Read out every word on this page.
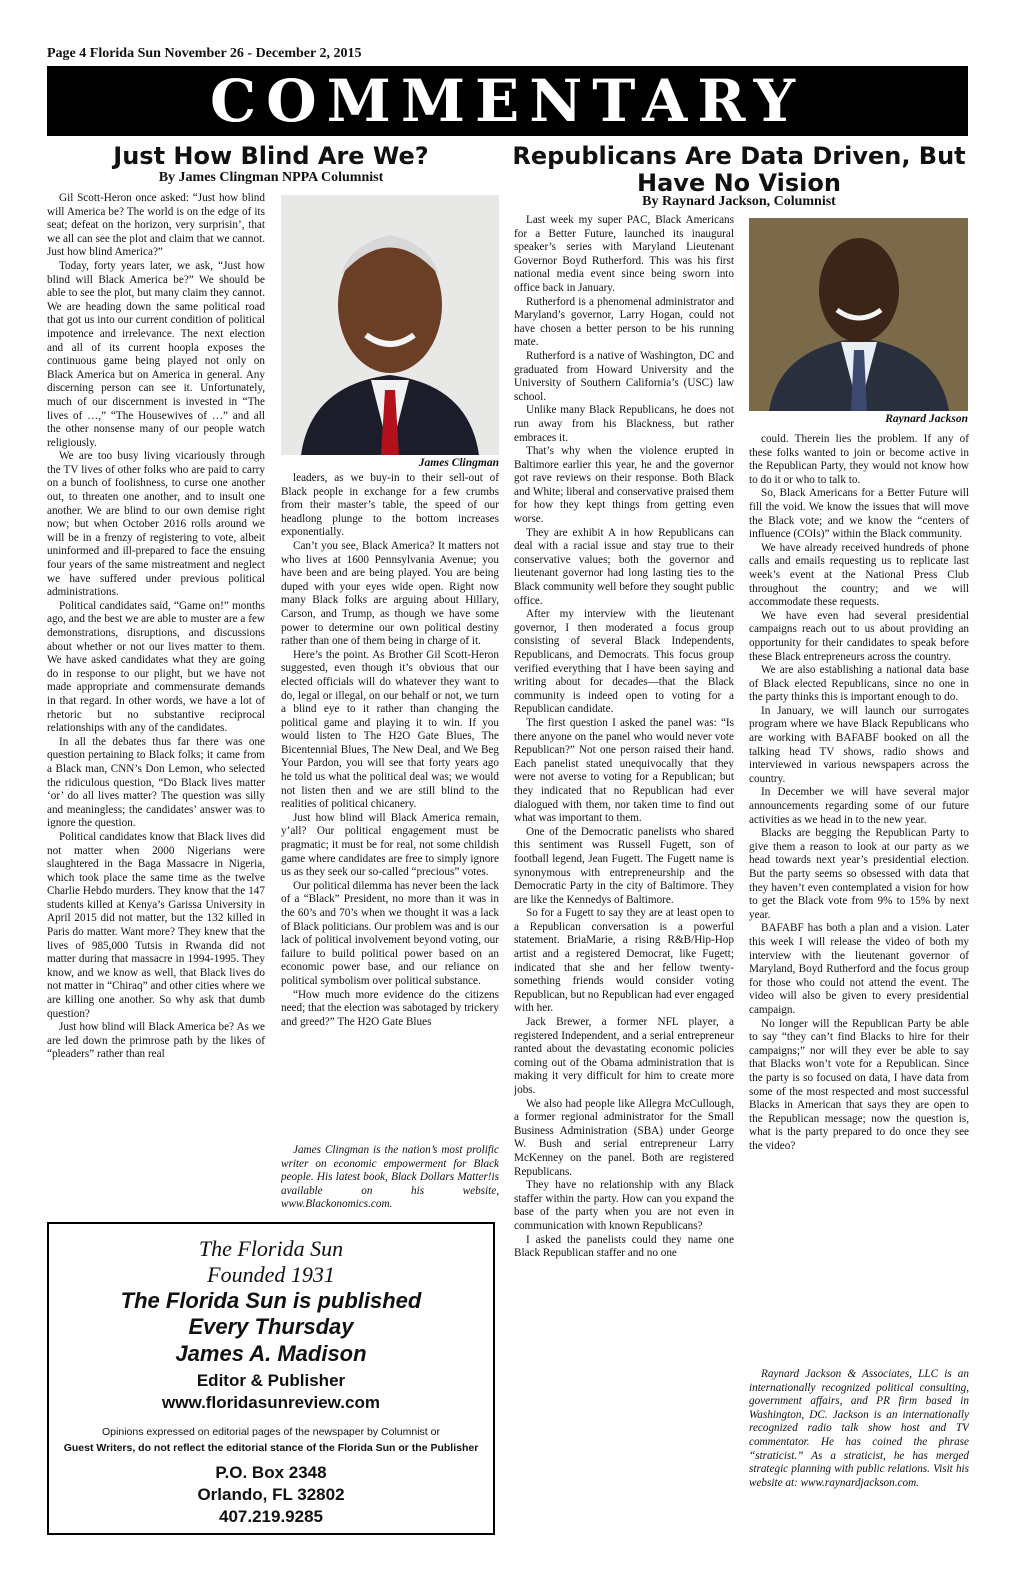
Page 4 Florida Sun November 26 - December 2, 2015
COMMENTARY
Just How Blind Are We?
By James Clingman NPPA Columnist

Gil Scott-Heron once asked: “Just how blind will America be? The world is on the edge of its seat; defeat on the horizon, very surprisin’, that we all can see the plot and claim that we cannot. Just how blind America?”

Today, forty years later, we ask, “Just how blind will Black America be?” We should be able to see the plot, but many claim they cannot. We are heading down the same political road that got us into our current condition of political impotence and irrelevance. The next election and all of its current hoopla exposes the continuous game being played not only on Black America but on America in general. Any discerning person can see it. Unfortunately, much of our discernment is invested in “The lives of …,” “The Housewives of …” and all the other nonsense many of our people watch religiously.

We are too busy living vicariously through the TV lives of other folks who are paid to carry on a bunch of foolishness, to curse one another out, to threaten one another, and to insult one another. We are blind to our own demise right now; but when October 2016 rolls around we will be in a frenzy of registering to vote, albeit uninformed and ill-prepared to face the ensuing four years of the same mistreatment and neglect we have suffered under previous political administrations.

Political candidates said, “Game on!” months ago, and the best we are able to muster are a few demonstrations, disruptions, and discussions about whether or not our lives matter to them. We have asked candidates what they are going do in response to our plight, but we have not made appropriate and commensurate demands in that regard. In other words, we have a lot of rhetoric but no substantive reciprocal relationships with any of the candidates.

In all the debates thus far there was one question pertaining to Black folks; it came from a Black man, CNN’s Don Lemon, who selected the ridiculous question, “Do Black lives matter ‘or’ do all lives matter? The question was silly and meaningless; the candidates’ answer was to ignore the question.

Political candidates know that Black lives did not matter when 2000 Nigerians were slaughtered in the Baga Massacre in Nigeria, which took place the same time as the twelve Charlie Hebdo murders. They know that the 147 students killed at Kenya’s Garissa University in April 2015 did not matter, but the 132 killed in Paris do matter. Want more? They knew that the lives of 985,000 Tutsis in Rwanda did not matter during that massacre in 1994-1995. They know, and we know as well, that Black lives do not matter in “Chiraq” and other cities where we are killing one another. So why ask that dumb question?

Just how blind will Black America be? As we are led down the primrose path by the likes of “pleaders” rather than real

James Clingman

leaders, as we buy-in to their sell-out of Black people in exchange for a few crumbs from their master’s table, the speed of our headlong plunge to the bottom increases exponentially.

Can’t you see, Black America? It matters not who lives at 1600 Pennsylvania Avenue; you have been and are being played. You are being duped with your eyes wide open. Right now many Black folks are arguing about Hillary, Carson, and Trump, as though we have some power to determine our own political destiny rather than one of them being in charge of it.

Here’s the point. As Brother Gil Scott-Heron suggested, even though it’s obvious that our elected officials will do whatever they want to do, legal or illegal, on our behalf or not, we turn a blind eye to it rather than changing the political game and playing it to win. If you would listen to The H2O Gate Blues, The Bicentennial Blues, The New Deal, and We Beg Your Pardon, you will see that forty years ago he told us what the political deal was; we would not listen then and we are still blind to the realities of political chicanery.

Just how blind will Black America remain, y’all? Our political engagement must be pragmatic; it must be for real, not some childish game where candidates are free to simply ignore us as they seek our so-called “precious” votes.

Our political dilemma has never been the lack of a “Black” President, no more than it was in the 60’s and 70’s when we thought it was a lack of Black politicians. Our problem was and is our lack of political involvement beyond voting, our failure to build political power based on an economic power base, and our reliance on political symbolism over political substance.

“How much more evidence do the citizens need; that the election was sabotaged by trickery and greed?” The H2O Gate Blues

James Clingman is the nation’s most prolific writer on economic empowerment for Black people. His latest book, Black Dollars Matter!is available on his website, www.Blackonomics.com.

Republicans Are Data Driven, But Have No Vision
By Raynard Jackson, Columnist

Last week my super PAC, Black Americans for a Better Future, launched its inaugural speaker’s series with Maryland Lieutenant Governor Boyd Rutherford. This was his first national media event since being sworn into office back in January.

Rutherford is a phenomenal administrator and Maryland’s governor, Larry Hogan, could not have chosen a better person to be his running mate.

Rutherford is a native of Washington, DC and graduated from Howard University and the University of Southern California’s (USC) law school.

Unlike many Black Republicans, he does not run away from his Blackness, but rather embraces it.

That’s why when the violence erupted in Baltimore earlier this year, he and the governor got rave reviews on their response. Both Black and White; liberal and conservative praised them for how they kept things from getting even worse.

They are exhibit A in how Republicans can deal with a racial issue and stay true to their conservative values; both the governor and lieutenant governor had long lasting ties to the Black community well before they sought public office.

After my interview with the lieutenant governor, I then moderated a focus group consisting of several Black Independents, Republicans, and Democrats. This focus group verified everything that I have been saying and writing about for decades—that the Black community is indeed open to voting for a Republican candidate.

The first question I asked the panel was: “Is there anyone on the panel who would never vote Republican?” Not one person raised their hand. Each panelist stated unequivocally that they were not averse to voting for a Republican; but they indicated that no Republican had ever dialogued with them, nor taken time to find out what was important to them.

One of the Democratic panelists who shared this sentiment was Russell Fugett, son of football legend, Jean Fugett. The Fugett name is synonymous with entrepreneurship and the Democratic Party in the city of Baltimore. They are like the Kennedys of Baltimore.

So for a Fugett to say they are at least open to a Republican conversation is a powerful statement. BriaMarie, a rising R&B/Hip-Hop artist and a registered Democrat, like Fugett; indicated that she and her fellow twenty-something friends would consider voting Republican, but no Republican had ever engaged with her.

Jack Brewer, a former NFL player, a registered Independent, and a serial entrepreneur ranted about the devastating economic policies coming out of the Obama administration that is making it very difficult for him to create more jobs.

We also had people like Allegra McCullough, a former regional administrator for the Small Business Administration (SBA) under George W. Bush and serial entrepreneur Larry McKenney on the panel. Both are registered Republicans.

They have no relationship with any Black staffer within the party. How can you expand the base of the party when you are not even in communication with known Republicans?

I asked the panelists could they name one Black Republican staffer and no one

Raynard Jackson

could. Therein lies the problem. If any of these folks wanted to join or become active in the Republican Party, they would not know how to do it or who to talk to.

So, Black Americans for a Better Future will fill the void. We know the issues that will move the Black vote; and we know the “centers of influence (COIs)” within the Black community.

We have already received hundreds of phone calls and emails requesting us to replicate last week’s event at the National Press Club throughout the country; and we will accommodate these requests.

We have even had several presidential campaigns reach out to us about providing an opportunity for their candidates to speak before these Black entrepreneurs across the country.

We are also establishing a national data base of Black elected Republicans, since no one in the party thinks this is important enough to do.

In January, we will launch our surrogates program where we have Black Republicans who are working with BAFABF booked on all the talking head TV shows, radio shows and interviewed in various newspapers across the country.

In December we will have several major announcements regarding some of our future activities as we head in to the new year.

Blacks are begging the Republican Party to give them a reason to look at our party as we head towards next year’s presidential election. But the party seems so obsessed with data that they haven’t even contemplated a vision for how to get the Black vote from 9% to 15% by next year.

BAFABF has both a plan and a vision. Later this week I will release the video of both my interview with the lieutenant governor of Maryland, Boyd Rutherford and the focus group for those who could not attend the event. The video will also be given to every presidential campaign.

No longer will the Republican Party be able to say “they can’t find Blacks to hire for their campaigns;” nor will they ever be able to say that Blacks won’t vote for a Republican. Since the party is so focused on data, I have data from some of the most respected and most successful Blacks in American that says they are open to the Republican message; now the question is, what is the party prepared to do once they see the video?

Raynard Jackson & Associates, LLC is an internationally recognized political consulting, government affairs, and PR firm based in Washington, DC. Jackson is an internationally recognized radio talk show host and TV commentator. He has coined the phrase “straticist.” As a straticist, he has merged strategic planning with public relations. Visit his website at: www.raynardjackson.com.

The Florida Sun
Founded 1931
The Florida Sun is published
Every Thursday
James A. Madison
Editor & Publisher
www.floridasunreview.com
Opinions expressed on editorial pages of the newspaper by Columnist or
Guest Writers, do not reflect the editorial stance of the Florida Sun or the Publisher
P.O. Box 2348
Orlando, FL 32802
407.219.9285
